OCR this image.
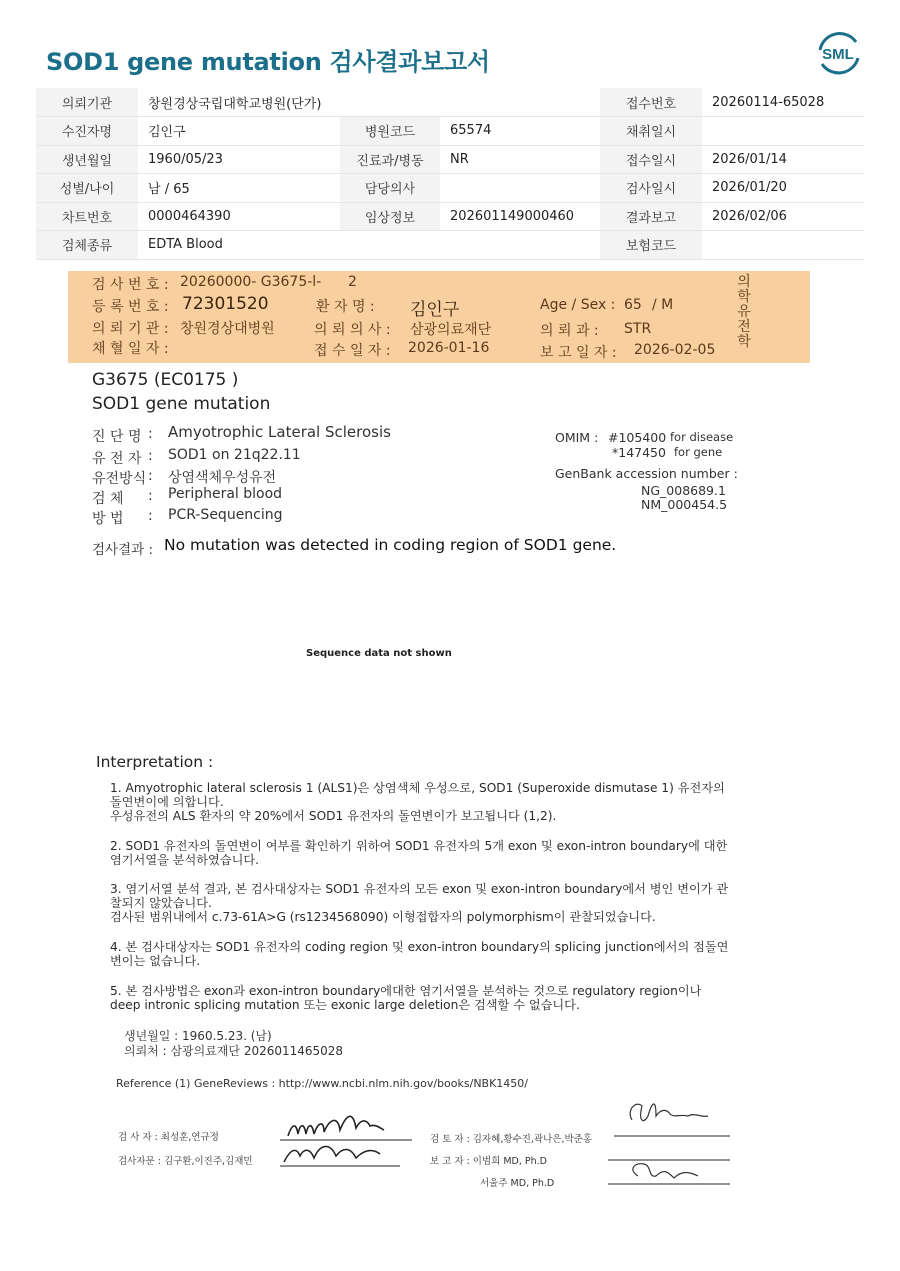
SOD1 gene mutation 검사결과보고서	SML
의뢰기관	창원경상국립대학교병원(단가)			접수번호	20260114-65028
수진자명	김인구	병원코드	65574	채취일시	
생년월일	1960/05/23	진료과/병동	NR	접수일시	2026/01/14
성별/나이	남 / 65	담당의사		검사일시	2026/01/20
차트번호	0000464390	임상정보	202601149000460	결과보고	2026/02/06
검체종류	EDTA Blood			보험코드	
검 사 번 호 : 20260000- G3675-l- 2
등 록 번 호 : 72301520	환 자 명 : 김인구	Age / Sex : 65 / M
의 뢰 기 관 : 창원경상대병원	의 뢰 의 사 : 삼광의료재단	의 뢰 과 : STR
채 혈 일 자 :	접 수 일 자 : 2026-01-16	보 고 일 자 : 2026-02-05
의학유전학
G3675 (EC0175 )
SOD1 gene mutation
진 단 명 : Amyotrophic Lateral Sclerosis
유 전 자 : SOD1 on 21q22.11
유전방식 : 상염색체우성유전
검 체 : Peripheral blood
방 법 : PCR-Sequencing
OMIM : #105400 for disease
*147450 for gene
GenBank accession number :
NG_008689.1
NM_000454.5
검사결과 : No mutation was detected in coding region of SOD1 gene.
Sequence data not shown
Interpretation :
1. Amyotrophic lateral sclerosis 1 (ALS1)은 상염색체 우성으로, SOD1 (Superoxide dismutase 1) 유전자의 돌연변이에 의합니다.
우성유전의 ALS 환자의 약 20%에서 SOD1 유전자의 돌연변이가 보고됩니다 (1,2).
2. SOD1 유전자의 돌연변이 여부를 확인하기 위하여 SOD1 유전자의 5개 exon 및 exon-intron boundary에 대한 염기서열을 분석하였습니다.
3. 염기서열 분석 결과, 본 검사대상자는 SOD1 유전자의 모든 exon 및 exon-intron boundary에서 병인 변이가 관찰되지 않았습니다.
검사된 범위내에서 c.73-61A>G (rs1234568090) 이형접합자의 polymorphism이 관찰되었습니다.
4. 본 검사대상자는 SOD1 유전자의 coding region 및 exon-intron boundary의 splicing junction에서의 점돌연변이는 없습니다.
5. 본 검사방법은 exon과 exon-intron boundary에대한 염기서열을 분석하는 것으로 regulatory region이나 deep intronic splicing mutation 또는 exonic large deletion은 검색할 수 없습니다.
생년월일 : 1960.5.23. (남)
의뢰처 : 삼광의료재단 2026011465028
Reference (1) GeneReviews : http://www.ncbi.nlm.nih.gov/books/NBK1450/
검 사 자 : 최성훈,연규정
검사자문 : 김구환,이진주,김재민
검 토 자 : 김자혜,황수진,곽나은,박준홍
보 고 자 : 이범희 MD, Ph.D
서울주 MD, Ph.D
